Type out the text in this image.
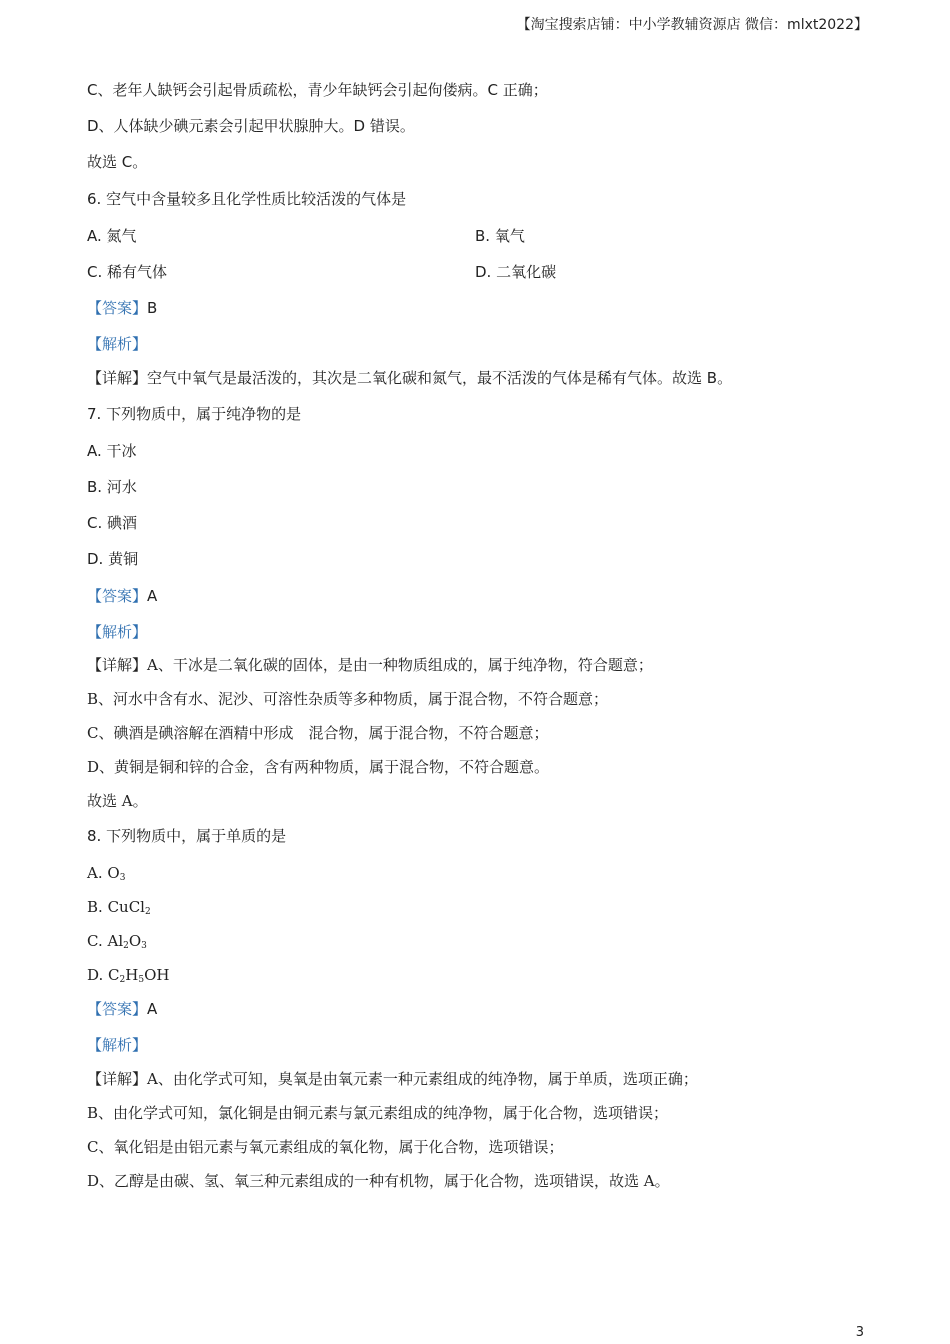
【淘宝搜索店铺：中小学教辅资源店 微信：mlxt2022】
C、老年人缺钙会引起骨质疏松，青少年缺钙会引起佝偻病。C 正确；
D、人体缺少碘元素会引起甲状腺肿大。D 错误。
故选 C。
6. 空气中含量较多且化学性质比较活泼的气体是
A. 氮气	B. 氧气
C. 稀有气体	D. 二氧化碳
【答案】B
【解析】
【详解】空气中氧气是最活泼的，其次是二氧化碳和氮气，最不活泼的气体是稀有气体。故选 B。
7. 下列物质中，属于纯净物的是
A. 干冰
B. 河水
C. 碘酒
D. 黄铜
【答案】A
【解析】
【详解】A、干冰是二氧化碳的固体，是由一种物质组成的，属于纯净物，符合题意；
B、河水中含有水、泥沙、可溶性杂质等多种物质，属于混合物，不符合题意；
C、碘酒是碘溶解在酒精中形成　混合物，属于混合物，不符合题意；
D、黄铜是铜和锌的合金，含有两种物质，属于混合物，不符合题意。
故选 A。
8. 下列物质中，属于单质的是
A. $O_3$
B. CuCl$_2$
C. $Al_2O_3$
D. $C_2H_5OH$
【答案】A
【解析】
【详解】A、由化学式可知，臭氧是由氧元素一种元素组成的纯净物，属于单质，选项正确；
B、由化学式可知，氯化铜是由铜元素与氯元素组成的纯净物，属于化合物，选项错误；
C、氧化铝是由铝元素与氧元素组成的氧化物，属于化合物，选项错误；
D、乙醇是由碳、氢、氧三种元素组成的一种有机物，属于化合物，选项错误，故选 A。
3
